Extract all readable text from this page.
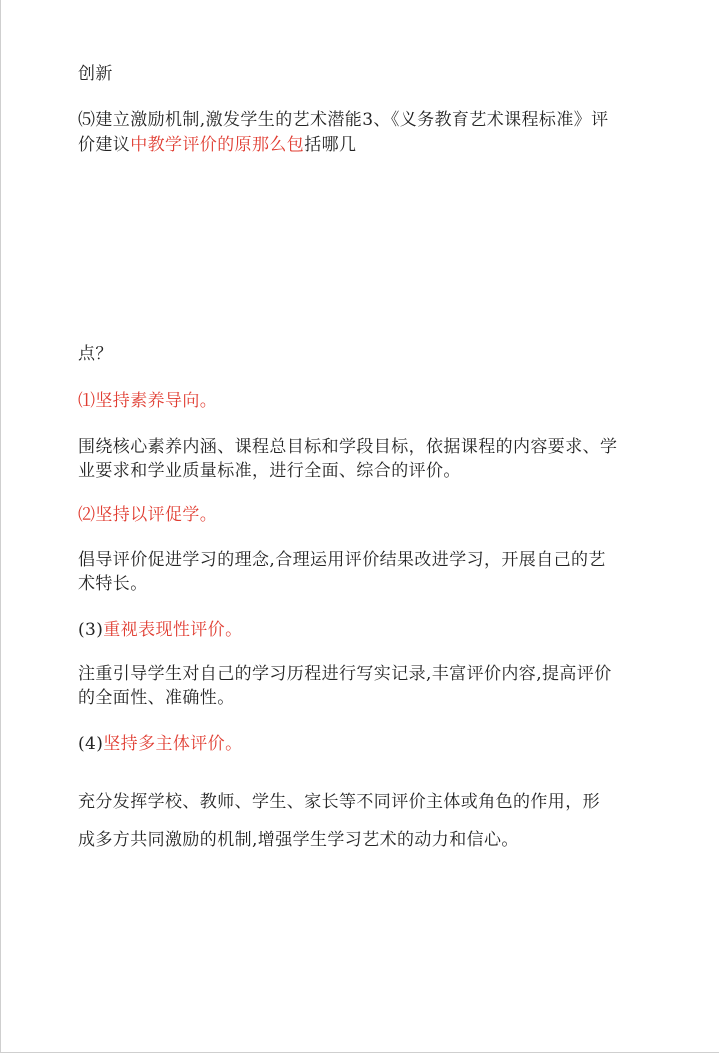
创新
⑸建立激励机制,激发学生的艺术潜能3、《义务教育艺术课程标准》评
价建议中教学评价的原那么包括哪几
点？
⑴坚持素养导向。
围绕核心素养内涵、课程总目标和学段目标，依据课程的内容要求、学
业要求和学业质量标准，进行全面、综合的评价。
⑵坚持以评促学。
倡导评价促进学习的理念,合理运用评价结果改进学习，开展自己的艺
术特长。
(3)重视表现性评价。
注重引导学生对自己的学习历程进行写实记录,丰富评价内容,提高评价
的全面性、准确性。
(4)坚持多主体评价。
充分发挥学校、教师、学生、家长等不同评价主体或角色的作用，形
成多方共同激励的机制,增强学生学习艺术的动力和信心。
